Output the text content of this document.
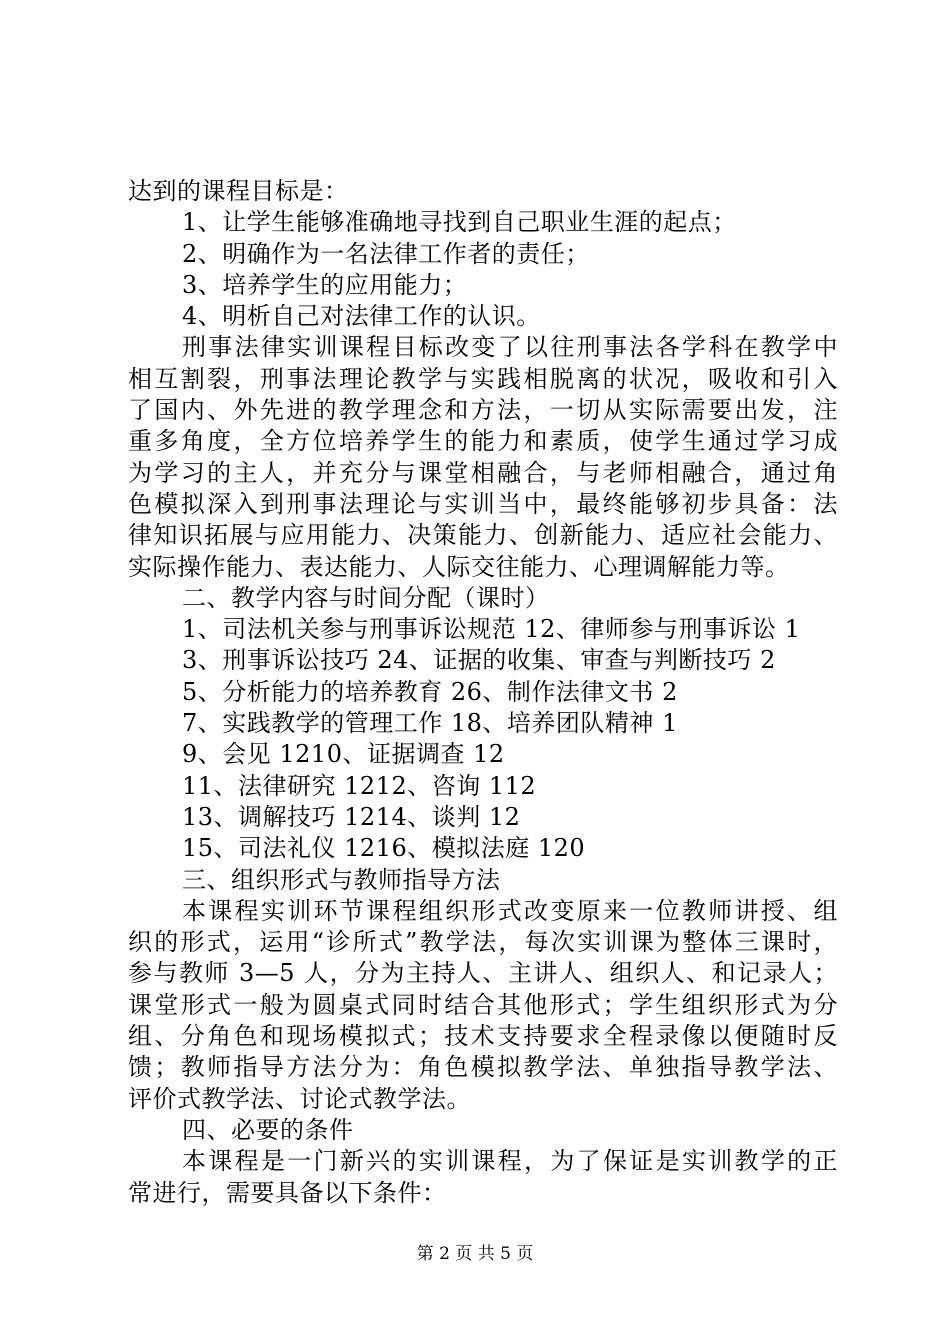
达到的课程目标是：
1、让学生能够准确地寻找到自己职业生涯的起点；
2、明确作为一名法律工作者的责任；
3、培养学生的应用能力；
4、明析自己对法律工作的认识。
刑事法律实训课程目标改变了以往刑事法各学科在教学中
相互割裂，刑事法理论教学与实践相脱离的状况，吸收和引入
了国内、外先进的教学理念和方法，一切从实际需要出发，注
重多角度，全方位培养学生的能力和素质，使学生通过学习成
为学习的主人，并充分与课堂相融合，与老师相融合，通过角
色模拟深入到刑事法理论与实训当中，最终能够初步具备：法
律知识拓展与应用能力、决策能力、创新能力、适应社会能力、
实际操作能力、表达能力、人际交往能力、心理调解能力等。
二、教学内容与时间分配（课时）
1、司法机关参与刑事诉讼规范 12、律师参与刑事诉讼 1
3、刑事诉讼技巧 24、证据的收集、审查与判断技巧 2
5、分析能力的培养教育 26、制作法律文书 2
7、实践教学的管理工作 18、培养团队精神 1
9、会见 1210、证据调查 12
11、法律研究 1212、咨询 112
13、调解技巧 1214、谈判 12
15、司法礼仪 1216、模拟法庭 120
三、组织形式与教师指导方法
本课程实训环节课程组织形式改变原来一位教师讲授、组
织的形式，运用“诊所式”教学法，每次实训课为整体三课时，
参与教师 3—5 人，分为主持人、主讲人、组织人、和记录人；
课堂形式一般为圆桌式同时结合其他形式；学生组织形式为分
组、分角色和现场模拟式；技术支持要求全程录像以便随时反
馈；教师指导方法分为：角色模拟教学法、单独指导教学法、
评价式教学法、讨论式教学法。
四、必要的条件
本课程是一门新兴的实训课程，为了保证是实训教学的正
常进行，需要具备以下条件：
第 2 页 共 5 页
